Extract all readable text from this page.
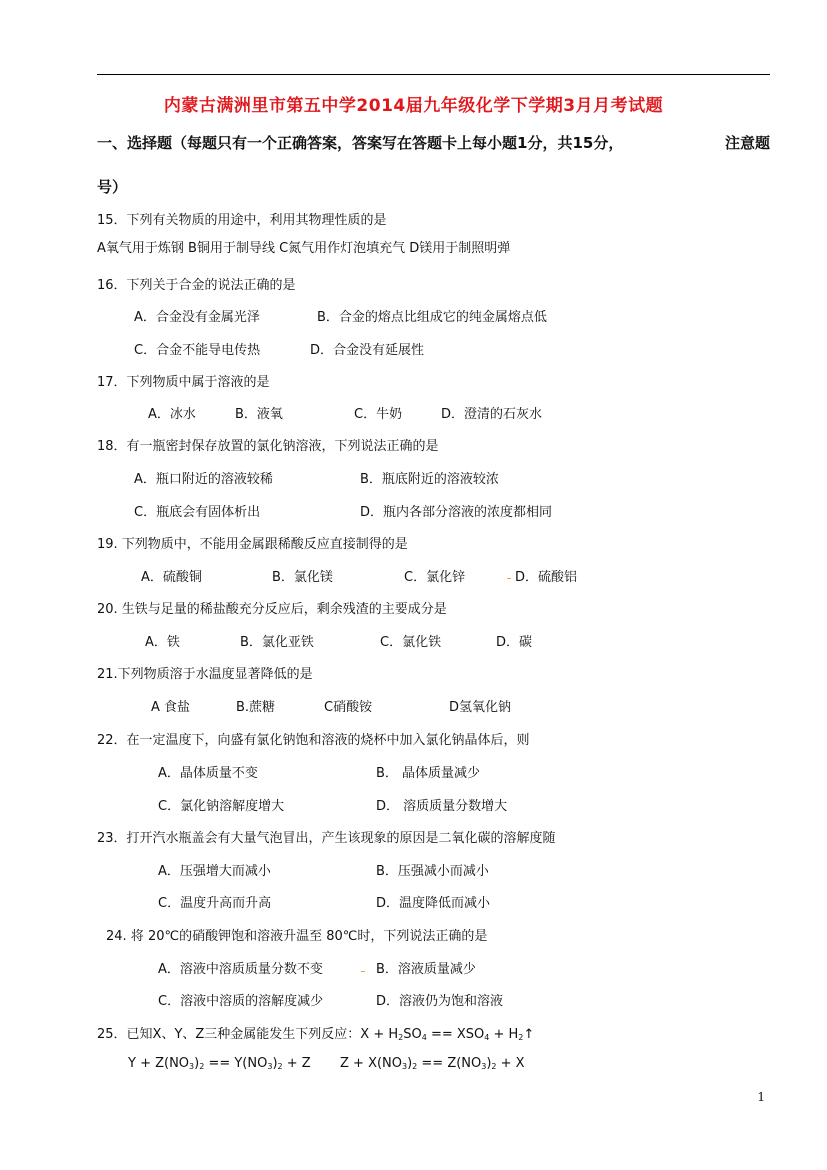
内蒙古满洲里市第五中学2014届九年级化学下学期3月月考试题
一、选择题（每题只有一个正确答案，答案写在答题卡上每小题1分，共15分，	注意题
号）
15．下列有关物质的用途中，利用其物理性质的是
A氧气用于炼钢 B铜用于制导线 C氮气用作灯泡填充气 D镁用于制照明弹
16．下列关于合金的说法正确的是
A．合金没有金属光泽	B．合金的熔点比组成它的纯金属熔点低
C．合金不能导电传热	D．合金没有延展性
17．下列物质中属于溶液的是
A．冰水	B．液氧	C．牛奶	D．澄清的石灰水
18．有一瓶密封保存放置的氯化钠溶液，下列说法正确的是
A．瓶口附近的溶液较稀	B．瓶底附近的溶液较浓
C．瓶底会有固体析出	D．瓶内各部分溶液的浓度都相同
19. 下列物质中，不能用金属跟稀酸反应直接制得的是
A．硫酸铜	B．氯化镁	C．氯化锌	D．硫酸铝
20. 生铁与足量的稀盐酸充分反应后，剩余残渣的主要成分是
A．铁	B．氯化亚铁	C．氯化铁	D．碳
21.下列物质溶于水温度显著降低的是
A 食盐	B.蔗糖	C硝酸铵	D氢氧化钠
22．在一定温度下，向盛有氯化钠饱和溶液的烧杯中加入氯化钠晶体后，则
A．晶体质量不变	B． 晶体质量减少
C．氯化钠溶解度增大	D． 溶质质量分数增大
23．打开汽水瓶盖会有大量气泡冒出，产生该现象的原因是二氧化碳的溶解度随
A．压强增大而减小	B．压强减小而减小
C．温度升高而升高	D．温度降低而减小
24. 将 20℃的硝酸钾饱和溶液升温至 80℃时，下列说法正确的是
A．溶液中溶质质量分数不变	B．溶液质量减少
C．溶液中溶质的溶解度减少	D．溶液仍为饱和溶液
25．已知X、Y、Z三种金属能发生下列反应：$X + H_2SO_4 == XSO_4$ + $H_2↑$
$Y + Z(NO_3)_2 == Y(NO_3)_2 + Z$ $Z + X(NO_3)_2 == Z(NO_3)_2 + X$
1
